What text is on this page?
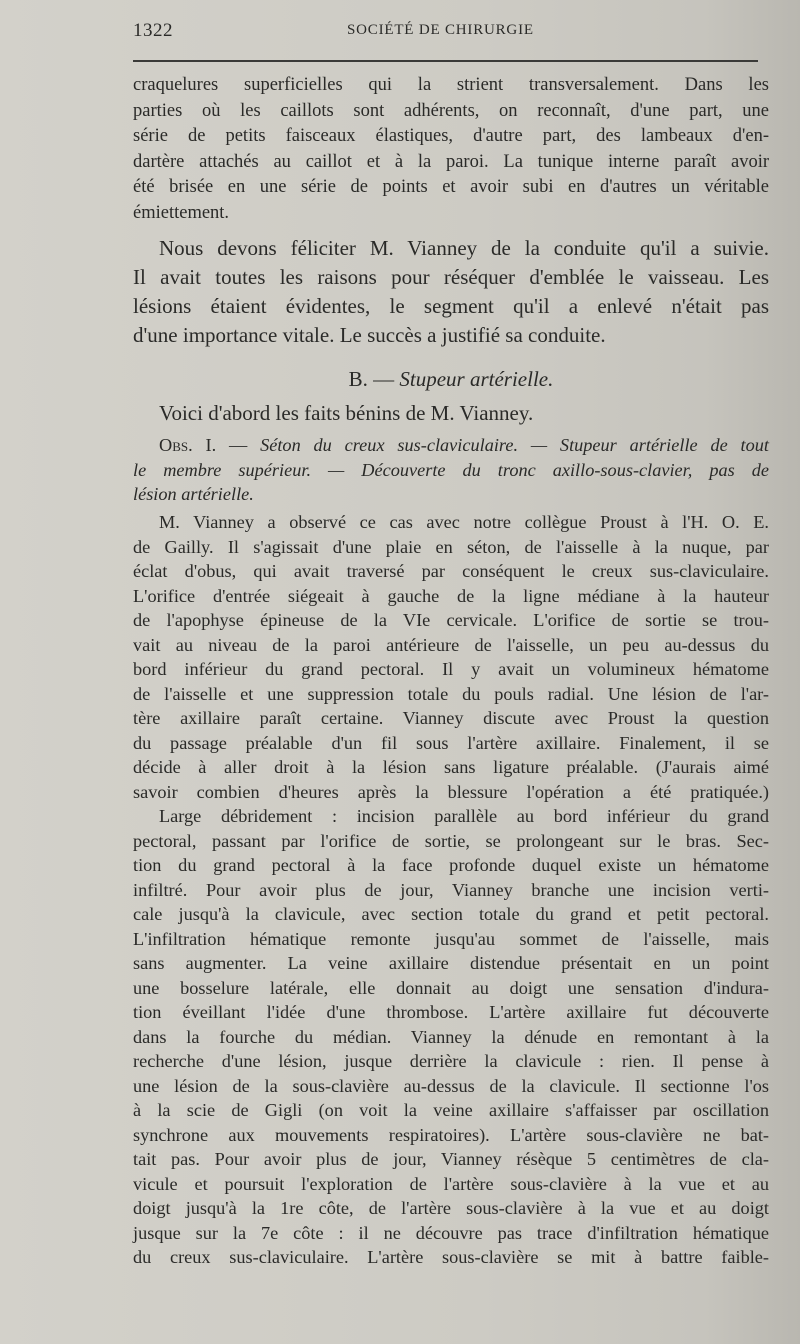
1322	SOCIÉTÉ DE CHIRURGIE
craquelures superficielles qui la strient transversalement. Dans les
parties où les caillots sont adhérents, on reconnaît, d'une part, une
série de petits faisceaux élastiques, d'autre part, des lambeaux d'en-
dartère attachés au caillot et à la paroi. La tunique interne paraît avoir
été brisée en une série de points et avoir subi en d'autres un véritable
émiettement.
Nous devons féliciter M. Vianney de la conduite qu'il a suivie.
Il avait toutes les raisons pour réséquer d'emblée le vaisseau. Les
lésions étaient évidentes, le segment qu'il a enlevé n'était pas
d'une importance vitale. Le succès a justifié sa conduite.
B. — Stupeur artérielle.
Voici d'abord les faits bénins de M. Vianney.
Obs. I. — Séton du creux sus-claviculaire. — Stupeur artérielle de tout
le membre supérieur. — Découverte du tronc axillo-sous-clavier, pas de
lésion artérielle.
M. Vianney a observé ce cas avec notre collègue Proust à l'H. O. E.
de Gailly. Il s'agissait d'une plaie en séton, de l'aisselle à la nuque, par
éclat d'obus, qui avait traversé par conséquent le creux sus-claviculaire.
L'orifice d'entrée siégeait à gauche de la ligne médiane à la hauteur
de l'apophyse épineuse de la VIe cervicale. L'orifice de sortie se trou-
vait au niveau de la paroi antérieure de l'aisselle, un peu au-dessus du
bord inférieur du grand pectoral. Il y avait un volumineux hématome
de l'aisselle et une suppression totale du pouls radial. Une lésion de l'ar-
tère axillaire paraît certaine. Vianney discute avec Proust la question
du passage préalable d'un fil sous l'artère axillaire. Finalement, il se
décide à aller droit à la lésion sans ligature préalable. (J'aurais aimé
savoir combien d'heures après la blessure l'opération a été pratiquée.)
Large débridement : incision parallèle au bord inférieur du grand
pectoral, passant par l'orifice de sortie, se prolongeant sur le bras. Sec-
tion du grand pectoral à la face profonde duquel existe un hématome
infiltré. Pour avoir plus de jour, Vianney branche une incision verti-
cale jusqu'à la clavicule, avec section totale du grand et petit pectoral.
L'infiltration hématique remonte jusqu'au sommet de l'aisselle, mais
sans augmenter. La veine axillaire distendue présentait en un point
une bosselure latérale, elle donnait au doigt une sensation d'indura-
tion éveillant l'idée d'une thrombose. L'artère axillaire fut découverte
dans la fourche du médian. Vianney la dénude en remontant à la
recherche d'une lésion, jusque derrière la clavicule : rien. Il pense à
une lésion de la sous-clavière au-dessus de la clavicule. Il sectionne l'os
à la scie de Gigli (on voit la veine axillaire s'affaisser par oscillation
synchrone aux mouvements respiratoires). L'artère sous-clavière ne bat-
tait pas. Pour avoir plus de jour, Vianney résèque 5 centimètres de cla-
vicule et poursuit l'exploration de l'artère sous-clavière à la vue et au
doigt jusqu'à la 1re côte, de l'artère sous-clavière à la vue et au doigt
jusque sur la 7e côte : il ne découvre pas trace d'infiltration hématique
du creux sus-claviculaire. L'artère sous-clavière se mit à battre faible-
